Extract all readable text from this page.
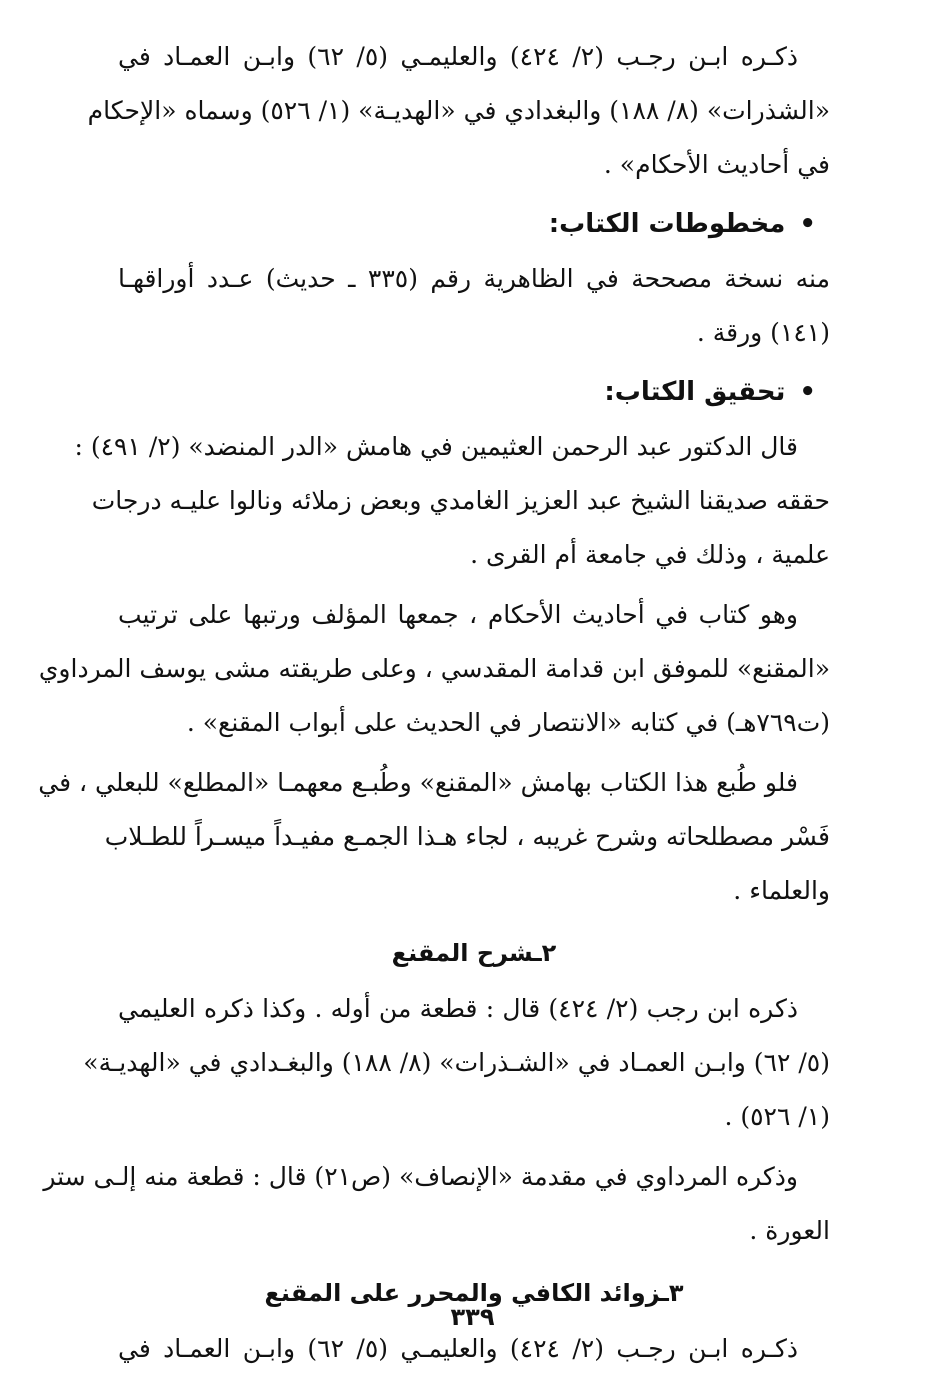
ذكـره ابـن رجـب (٢/ ٤٢٤) والعليمـي (٥/ ٦٢) وابـن العمـاد في
«الشذرات» (٨/ ١٨٨) والبغدادي في «الهديـة» (١/ ٥٢٦) وسماه «الإحكام
في أحاديث الأحكام» .
•مخطوطات الكتاب:
منه نسخة مصححة في الظاهرية رقم (٣٣٥ ـ حديث) عـدد أوراقهـا
(١٤١) ورقة .
•تحقيق الكتاب:
قال الدكتور عبد الرحمن العثيمين في هامش «الدر المنضد» (٢/ ٤٩١) :
حققه صديقنا الشيخ عبد العزيز الغامدي وبعض زملائه ونالوا عليـه درجات
علمية ، وذلك في جامعة أم القرى .
وهو كتاب في أحاديث الأحكام ، جمعها المؤلف ورتبها على ترتيب
«المقنع» للموفق ابن قدامة المقدسي ، وعلى طريقته مشى يوسف المرداوي
(ت٧٦٩هـ) في كتابه «الانتصار في الحديث على أبواب المقنع» .
فلو طُبع هذا الكتاب بهامش «المقنع» وطُبـع معهمـا «المطلع» للبعلي ، في
فَسْر مصطلحاته وشرح غريبه ، لجاء هـذا الجمـع مفيـداً ميسـراً للطـلاب
والعلماء .
٢ـشرح المقنع
ذكره ابن رجب (٢/ ٤٢٤) قال : قطعة من أوله . وكذا ذكره العليمي
(٥/ ٦٢) وابـن العمـاد في «الشـذرات» (٨/ ١٨٨) والبغـدادي في «الهديـة»
(١/ ٥٢٦) .
وذكره المرداوي في مقدمة «الإنصاف» (ص٢١) قال : قطعة منه إلـى ستر
العورة .
٣ـزوائد الكافي والمحرر على المقنع
ذكـره ابـن رجـب (٢/ ٤٢٤) والعليمـي (٥/ ٦٢) وابـن العمـاد في
٣٣٩
